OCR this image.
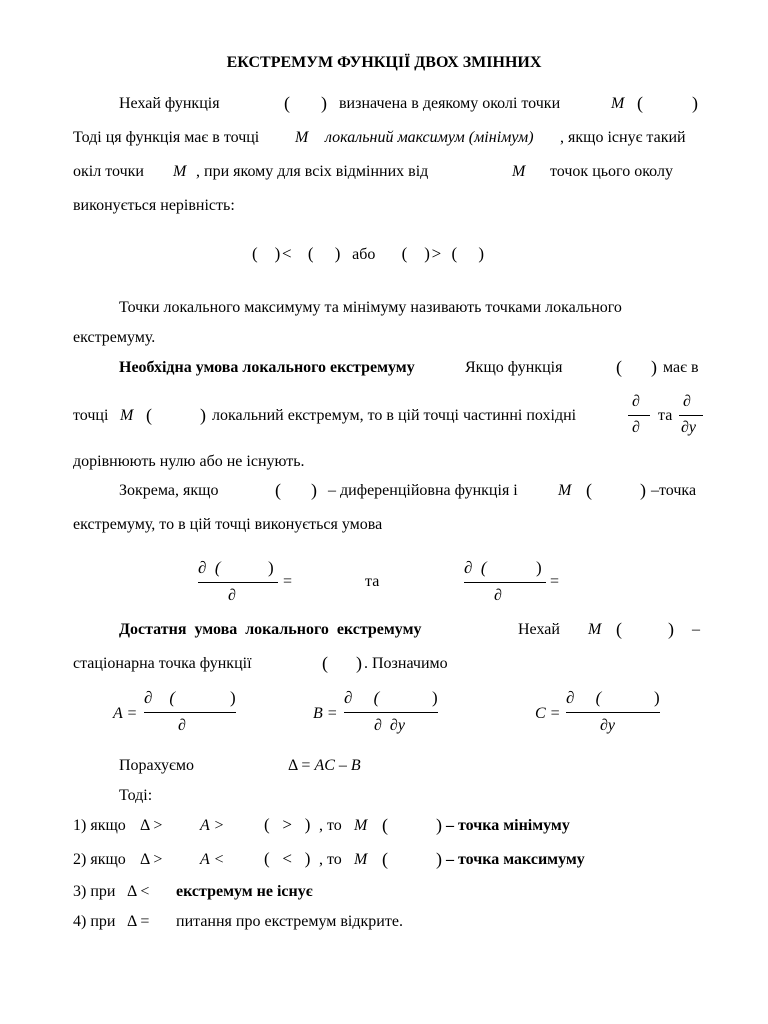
ЕКСТРЕМУМ ФУНКЦІЇ ДВОХ ЗМІННИХ
Нехай функція	( ) визначена в деякому околі точки	M (	)
Тоді ця функція має в точці M локальний максимум (мінімум) , якщо існує такий
окіл точки M , при якому для всіх відмінних від	M точок цього околу
виконується нерівність:
(    )< (     ) або (    )> (     )
Точки локального максимуму та мінімуму називають точками локального
екстремуму.
Необхідна умова локального екстремуму	Якщо функція	( ) має в
точці M (	) локальний екстремум, то в цій точці частинні похідні
∂
∂
та
∂
∂y
дорівнюють нулю або не існують.
Зокрема, якщо	( ) – диференційовна функція і	M (	) –точка
екстремуму, то в цій точці виконується умова
∂  (	)
∂
=	та
∂  (	)
∂
=
Достатня умова локального екстремуму	Нехай M (	) –
стаціонарна точка функції	( ) . Позначимо
A =
∂    (	)
∂
B =
∂     (	)
∂  ∂y
C =
∂     (	)
∂y
Порахуємо	Δ = AC – B
Тоді:
1) якщо Δ > A > (   >   ) , то M (	) – точка мінімуму
2) якщо Δ > A < (   <   ) , то M (	) – точка максимуму
3) при Δ < екстремум не існує
4) при Δ = питання про екстремум відкрите.
